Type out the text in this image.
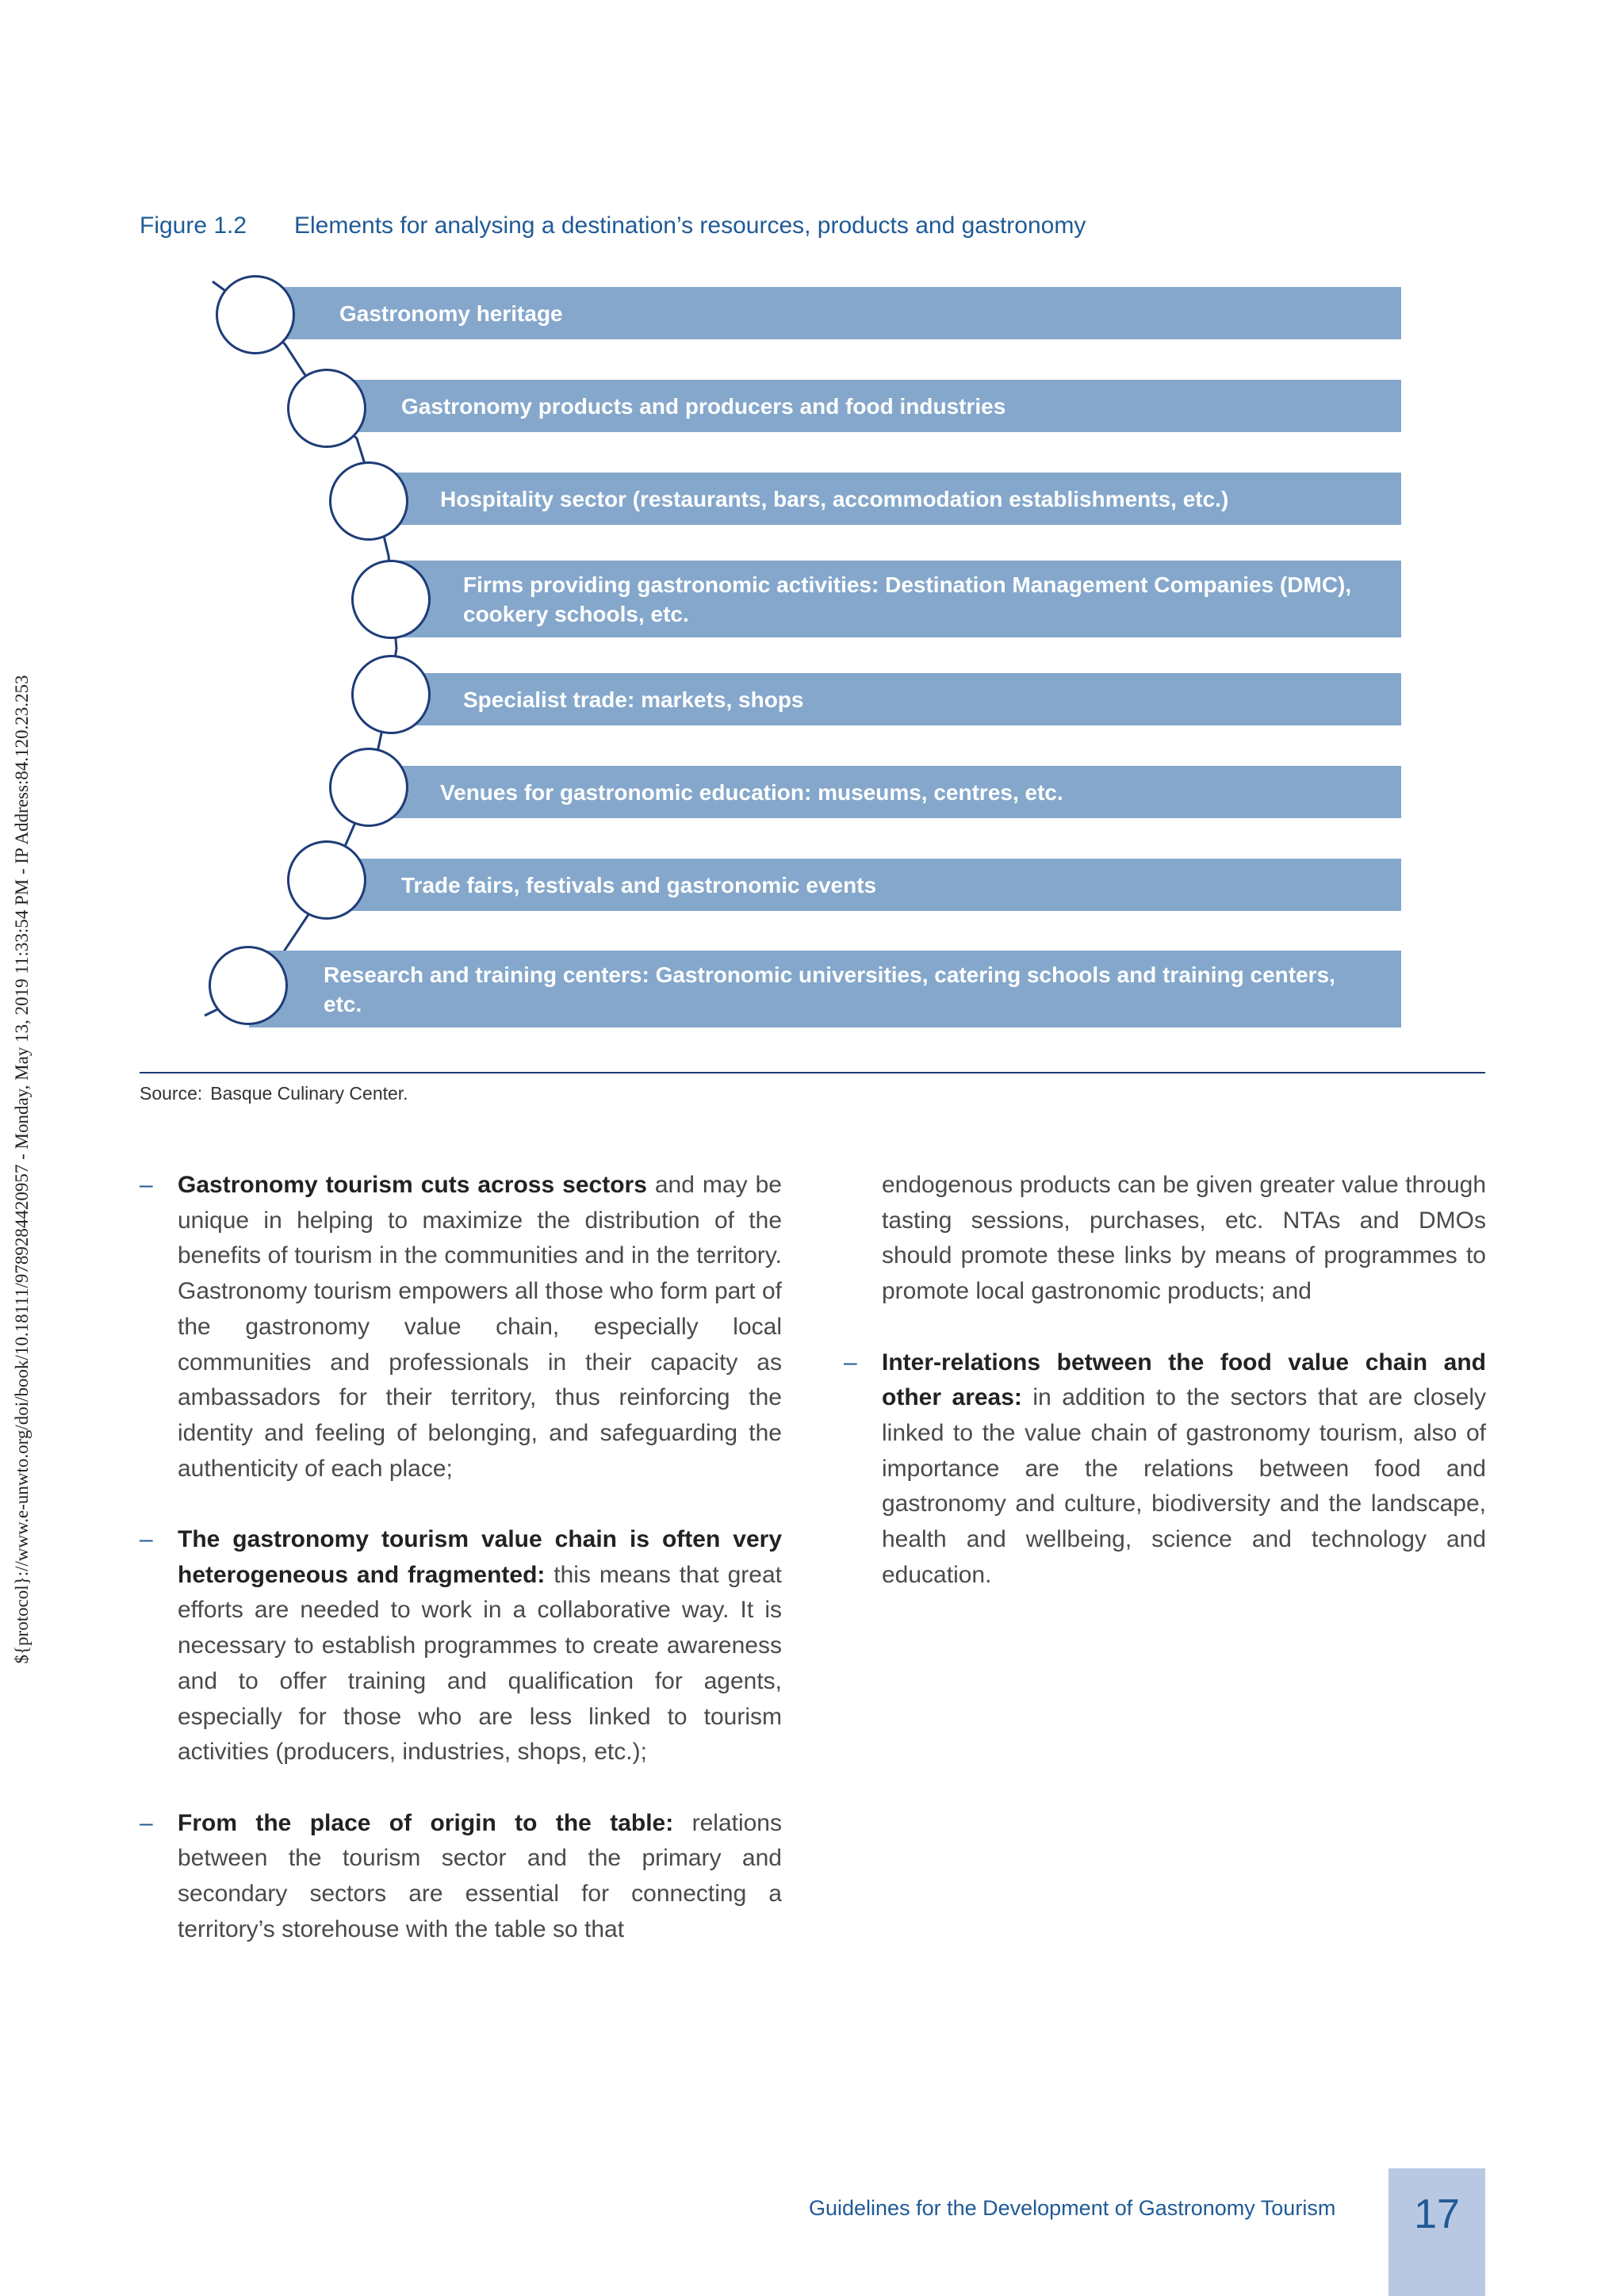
${protocol}://www.e-unwto.org/doi/book/10.18111/9789284420957 - Monday, May 13, 2019 11:33:54 PM - IP Address:84.120.23.253
Figure 1.2 Elements for analysing a destination’s resources, products and gastronomy
Gastronomy heritage
Gastronomy products and producers and food industries
Hospitality sector (restaurants, bars, accommodation establishments, etc.)
Firms providing gastronomic activities: Destination Management Companies (DMC), cookery schools, etc.
Specialist trade: markets, shops
Venues for gastronomic education: museums, centres, etc.
Trade fairs, festivals and gastronomic events
Research and training centers: Gastronomic universities, catering schools and training centers, etc.
Source: Basque Culinary Center.
– Gastronomy tourism cuts across sectors and may be unique in helping to maximize the distribution of the benefits of tourism in the communities and in the territory. Gastronomy tourism empowers all those who form part of the gastronomy value chain, especially local communities and professionals in their capacity as ambassadors for their territory, thus reinforcing the identity and feeling of belonging, and safeguarding the authenticity of each place;
– The gastronomy tourism value chain is often very heterogeneous and fragmented: this means that great efforts are needed to work in a collaborative way. It is necessary to establish programmes to create awareness and to offer training and qualification for agents, especially for those who are less linked to tourism activities (producers, industries, shops, etc.);
– From the place of origin to the table: relations between the tourism sector and the primary and secondary sectors are essential for connecting a territory’s storehouse with the table so that
endogenous products can be given greater value through tasting sessions, purchases, etc. NTAs and DMOs should promote these links by means of programmes to promote local gastronomic products; and
– Inter-relations between the food value chain and other areas: in addition to the sectors that are closely linked to the value chain of gastronomy tourism, also of importance are the relations between food and gastronomy and culture, biodiversity and the landscape, health and wellbeing, science and technology and education.
Guidelines for the Development of Gastronomy Tourism	17
